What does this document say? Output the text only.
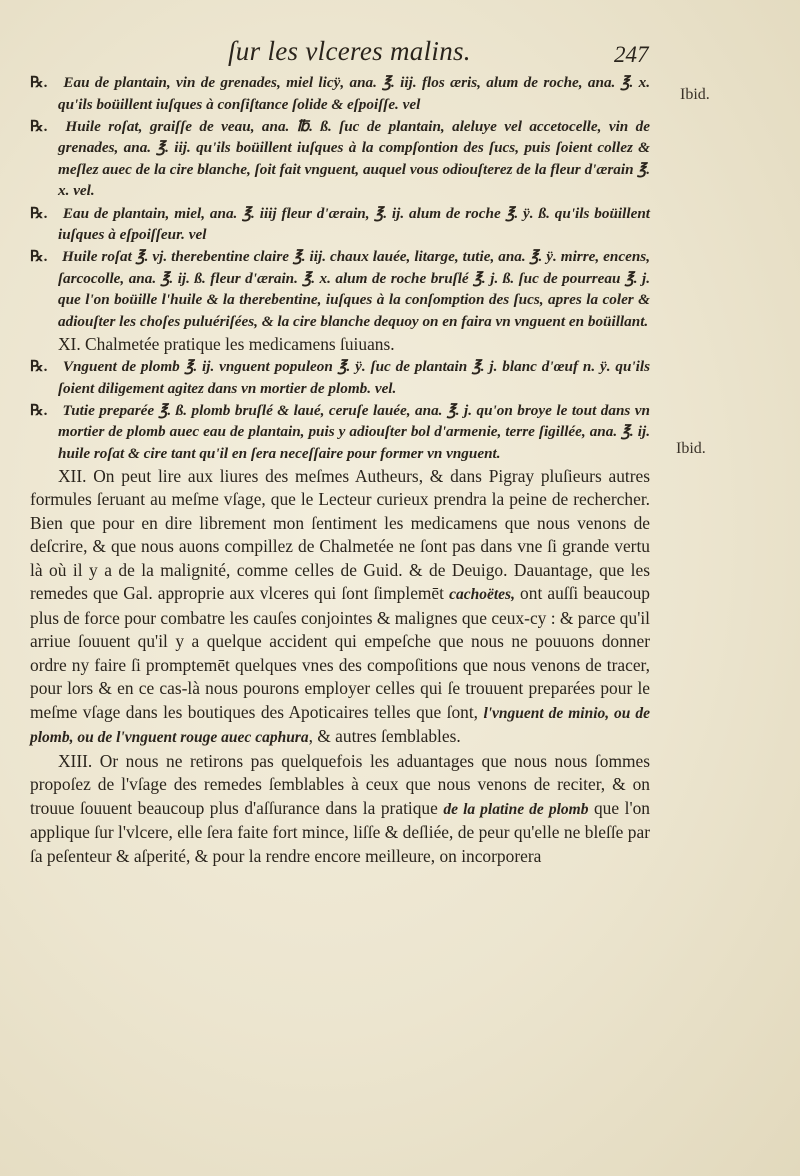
ſur les vlceres malins.	247
Ibid.
Ibid.

℞. Eau de plantain, vin de grenades, miel licÿ, ana. ℥. iij. flos æris, alum de roche, ana. ℥. x. qu'ils boüillent iuſques à conſiſtance ſolide & eſpoiſſe. vel

℞. Huile roſat, graiſſe de veau, ana. ℔. ß. ſuc de plantain, aleluye vel accetocelle, vin de grenades, ana. ℥. iij. qu'ils boüillent iuſques à la compſontion des ſucs, puis ſoient collez & meſlez auec de la cire blanche, ſoit fait vnguent, auquel vous odiouſterez de la fleur d'ærain ℥. x. vel.

℞. Eau de plantain, miel, ana. ℥. iiij fleur d'ærain, ℥. ij. alum de roche ℥. ÿ. ß. qu'ils boüillent iuſques à eſpoiſſeur. vel

℞. Huile roſat ℥. vj. therebentine claire ℥. iij. chaux lauée, litarge, tutie, ana. ℥. ÿ. mirre, encens, ſarcocolle, ana. ℥. ij. ß. fleur d'ærain. ℥. x. alum de roche bruſlé ℥. j. ß. ſuc de pourreau ℥. j. que l'on boüille l'huile & la therebentine, iuſques à la conſomption des ſucs, apres la coler & adiouſter les choſes puluériſées, & la cire blanche dequoy on en faira vn vnguent en boüillant.

XI. Chalmetée pratique les medicamens ſuiuans.

℞. Vnguent de plomb ℥. ij. vnguent populeon ℥. ÿ. ſuc de plantain ℥. j. blanc d'œuf n. ÿ. qu'ils ſoient diligement agitez dans vn mortier de plomb. vel.

℞. Tutie preparée ℥. ß. plomb bruſlé & laué, ceruſe lauée, ana. ℥. j. qu'on broye le tout dans vn mortier de plomb auec eau de plantain, puis y adiouſter bol d'armenie, terre ſigillée, ana. ℥. ij. huile roſat & cire tant qu'il en ſera neceſſaire pour former vn vnguent.

XII. On peut lire aux liures des meſmes Autheurs, & dans Pigray pluſieurs autres formules ſeruant au meſme vſage, que le Lecteur curieux prendra la peine de rechercher. Bien que pour en dire librement mon ſentiment les medicamens que nous venons de deſcrire, & que nous auons compillez de Chalmetée ne ſont pas dans vne ſi grande vertu là où il y a de la malignité, comme celles de Guid. & de Deuigo. Dauantage, que les remedes que Gal. approprie aux vlceres qui ſont ſimplemēt cachoëtes, ont auſſi beaucoup plus de force pour combatre les cauſes conjointes & malignes que ceux-cy : & parce qu'il arriue ſouuent qu'il y a quelque accident qui empeſche que nous ne pouuons donner ordre ny faire ſi promptemēt quelques vnes des compoſitions que nous venons de tracer, pour lors & en ce cas-là nous pourons employer celles qui ſe trouuent preparées pour le meſme vſage dans les boutiques des Apoticaires telles que ſont, l'vnguent de minio, ou de plomb, ou de l'vnguent rouge auec caphura, & autres ſemblables.

XIII. Or nous ne retirons pas quelquefois les aduantages que nous nous ſommes propoſez de l'vſage des remedes ſemblables à ceux que nous venons de reciter, & on trouue ſouuent beaucoup plus d'aſſurance dans la pratique de la platine de plomb que l'on applique ſur l'vlcere, elle ſera faite fort mince, liſſe & deſliée, de peur qu'elle ne bleſſe par ſa peſenteur & aſperité, & pour la rendre encore meilleure, on incorporera
